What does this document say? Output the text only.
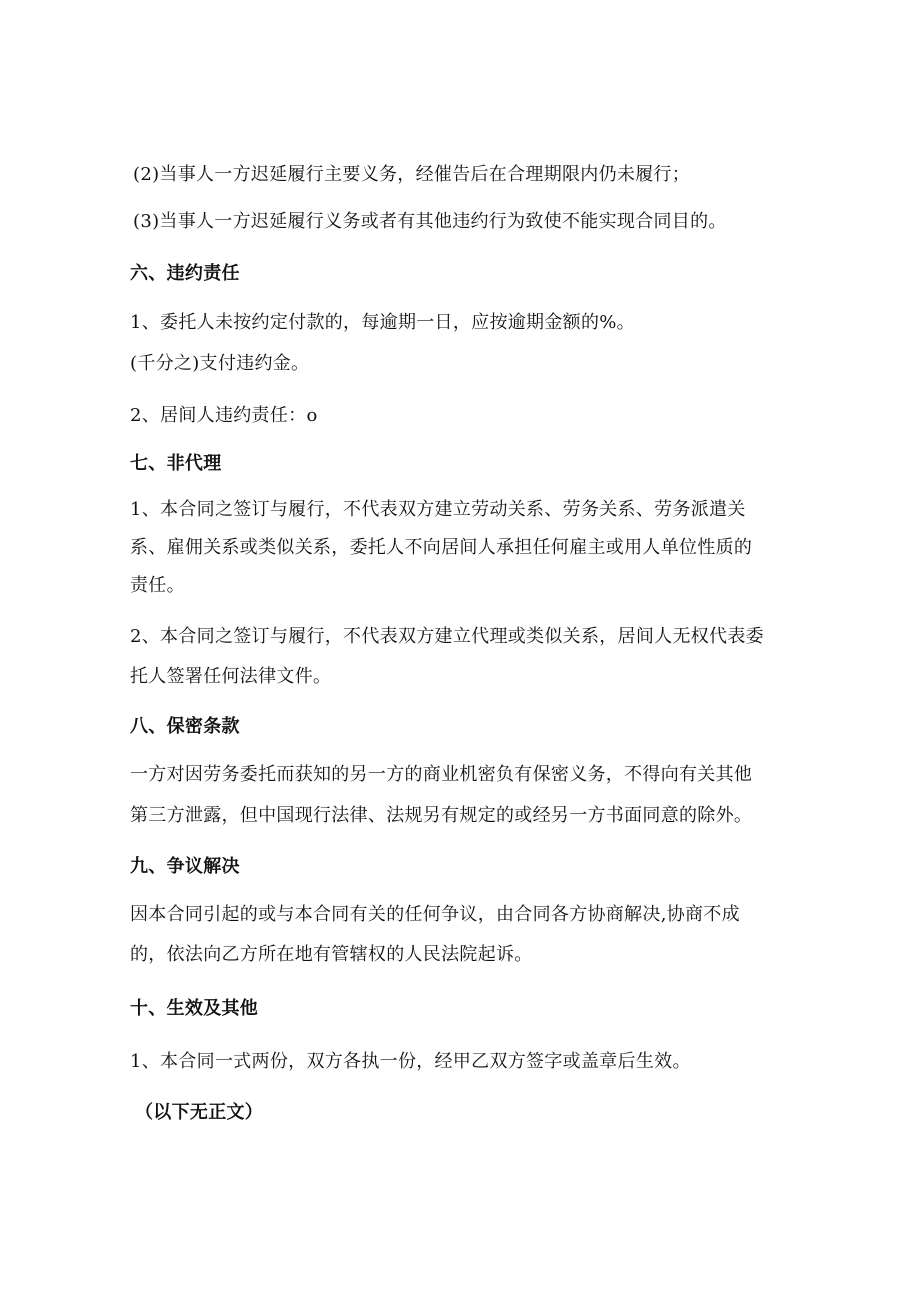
(2)当事人一方迟延履行主要义务，经催告后在合理期限内仍未履行；
(3)当事人一方迟延履行义务或者有其他违约行为致使不能实现合同目的。
六、违约责任
1、委托人未按约定付款的，每逾期一日，应按逾期金额的%。
(千分之)支付违约金。
2、居间人违约责任：o
七、非代理
1、本合同之签订与履行，不代表双方建立劳动关系、劳务关系、劳务派遣关
系、雇佣关系或类似关系，委托人不向居间人承担任何雇主或用人单位性质的
责任。
2、本合同之签订与履行，不代表双方建立代理或类似关系，居间人无权代表委
托人签署任何法律文件。
八、保密条款
一方对因劳务委托而获知的另一方的商业机密负有保密义务，不得向有关其他
第三方泄露，但中国现行法律、法规另有规定的或经另一方书面同意的除外。
九、争议解决
因本合同引起的或与本合同有关的任何争议，由合同各方协商解决,协商不成
的，依法向乙方所在地有管辖权的人民法院起诉。
十、生效及其他
1、本合同一式两份，双方各执一份，经甲乙双方签字或盖章后生效。
（以下无正文）
